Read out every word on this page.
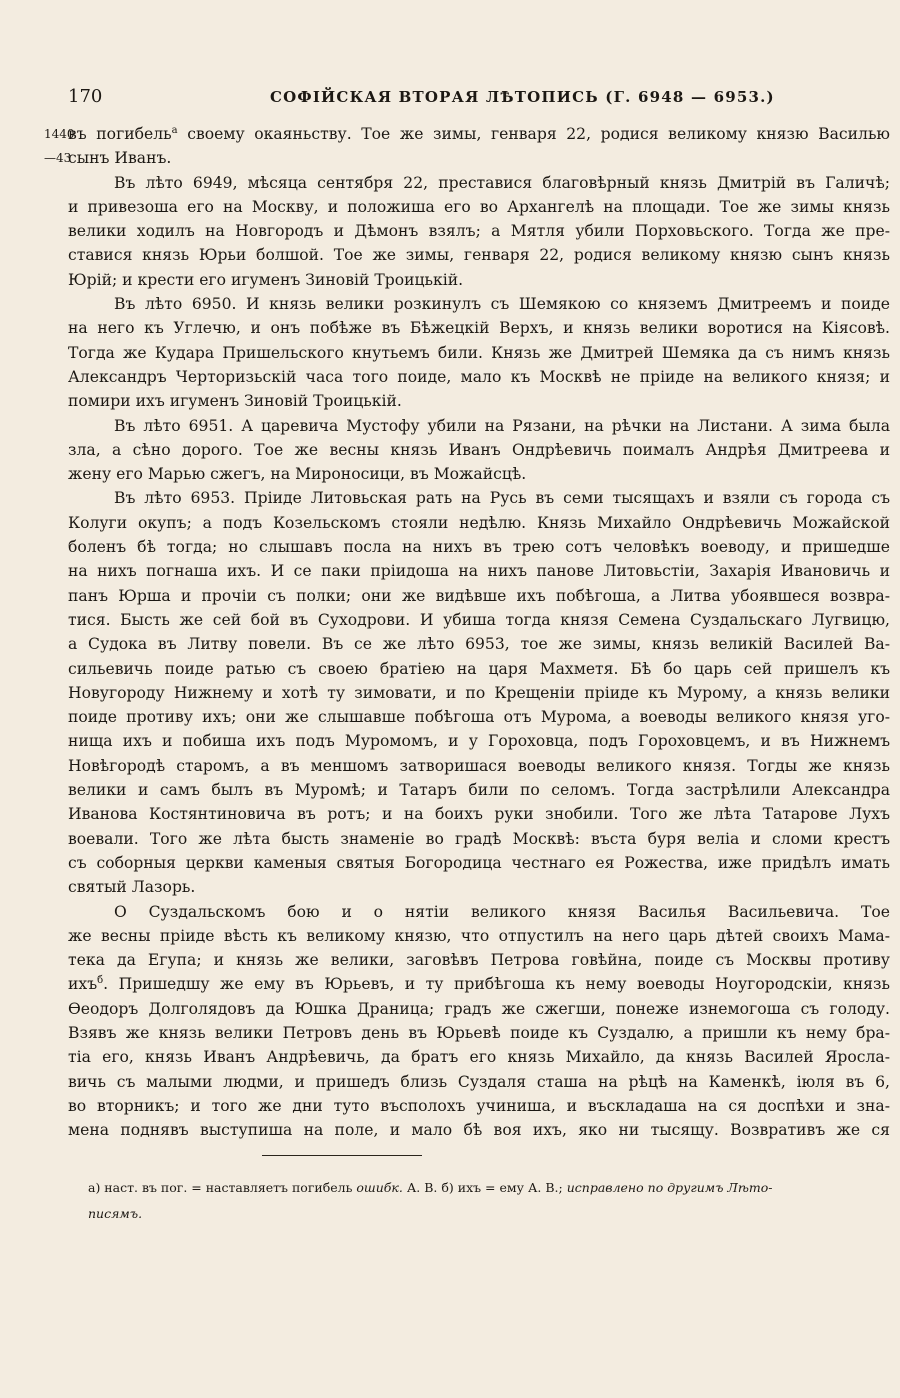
170	СОФІЙСКАЯ ВТОРАЯ ЛѢТОПИСЬ (Г. 6948 — 6953.)
1440
—43
въ погибель$^а$ своему окаяньству. Тое же зимы, генваря 22, родися великому князю Василью
сынъ Иванъ.
Въ лѣто 6949, мѣсяца сентября 22, преставися благовѣрный князь Дмитрій въ Галичѣ;
и привезоша его на Москву, и положиша его во Архангелѣ на площади. Тое же зимы князь
велики ходилъ на Новгородъ и Дѣмонъ взялъ; а Мятля убили Порховьского. Тогда же пре-
ставися князь Юрьи болшой. Тое же зимы, генваря 22, родися великому князю сынъ князь
Юрій; и крести его игуменъ Зиновій Троицькій.
Въ лѣто 6950. И князь велики розкинулъ съ Шемякою со княземъ Дмитреемъ и поиде
на него къ Углечю, и онъ побѣже въ Бѣжецкій Верхъ, и князь велики воротися на Кіясовѣ.
Тогда же Кудара Пришельского кнутьемъ били. Князь же Дмитрей Шемяка да съ нимъ князь
Александръ Черторизьскій часа того поиде, мало къ Москвѣ не пріиде на великого князя; и
помири ихъ игуменъ Зиновій Троицькій.
Въ лѣто 6951. А царевича Мустофу убили на Рязани, на рѣчки на Листани. А зима была
зла, а сѣно дорого. Тое же весны князь Иванъ Ондрѣевичь поималъ Андрѣя Дмитреева и
жену его Марью сжегъ, на Мироносици, въ Можайсцѣ.
Въ лѣто 6953. Пріиде Литовьская рать на Русь въ семи тысящахъ и взяли съ города съ
Колуги окупъ; а подъ Козельскомъ стояли недѣлю. Князь Михайло Ондрѣевичь Можайской
боленъ бѣ тогда; но слышавъ посла на нихъ въ трею сотъ человѣкъ воеводу, и пришедше
на нихъ погнаша ихъ. И се паки пріидоша на нихъ панове Литовьстіи, Захарія Ивановичь и
панъ Юрша и прочіи съ полки; они же видѣвше ихъ побѣгоша, а Литва убоявшеся возвра-
тися. Бысть же сей бой въ Суходрови. И убиша тогда князя Семена Суздальскаго Лугвицю,
а Судока въ Литву повели. Въ се же лѣто 6953, тое же зимы, князь великій Василей Ва-
сильевичь поиде ратью съ своею братіею на царя Махметя. Бѣ бо царь сей пришелъ къ
Новугороду Нижнему и хотѣ ту зимовати, и по Крещеніи пріиде къ Мурому, а князь велики
поиде противу ихъ; они же слышавше побѣгоша отъ Мурома, а воеводы великого князя уго-
нища ихъ и побиша ихъ подъ Муромомъ, и у Гороховца, подъ Гороховцемъ, и въ Нижнемъ
Новѣгородѣ старомъ, а въ меншомъ затворишася воеводы великого князя. Тогды же князь
велики и самъ былъ въ Муромѣ; и Татаръ били по селомъ. Тогда застрѣлили Александра
Иванова Костянтиновича въ ротъ; и на боихъ руки знобили. Того же лѣта Татарове Лухъ
воевали. Того же лѣта бысть знаменіе во градѣ Москвѣ: въста буря веліа и сломи крестъ
съ соборныя церкви каменыя святыя Богородица честнаго ея Рожества, иже придѣлъ имать
святый Лазорь.
О Суздальскомъ бою и о нятіи великого князя Василья Васильевича. Тое
же весны пріиде вѣсть къ великому князю, что отпустилъ на него царь дѣтей своихъ Мама-
тека да Егупа; и князь же велики, заговѣвъ Петрова говѣйна, поиде съ Москвы противу
ихъ$^б$. Пришедшу же ему въ Юрьевъ, и ту прибѣгоша къ нему воеводы Ноугородскіи, князь
Ѳеодоръ Долголядовъ да Юшка Драница; градъ же сжегши, понеже изнемогоша съ голоду.
Взявъ же князь велики Петровъ день въ Юрьевѣ поиде къ Суздалю, а пришли къ нему бра-
тіа его, князь Иванъ Андрѣевичь, да братъ его князь Михайло, да князь Василей Яросла-
вичь съ малыми людми, и пришедъ близь Суздаля сташа на рѣцѣ на Каменкѣ, іюля въ 6,
во вторникъ; и того же дни туто въсполохъ учиниша, и въскладаша на ся доспѣхи и зна-
мена поднявъ выступиша на поле, и мало бѣ воя ихъ, яко ни тысящу. Возвративъ же ся
а) наст. въ пог. = наставляетъ погибель ошибк. А. В. б) ихъ = ему А. В.; исправлено по другимъ Лѣто-
писямъ.
